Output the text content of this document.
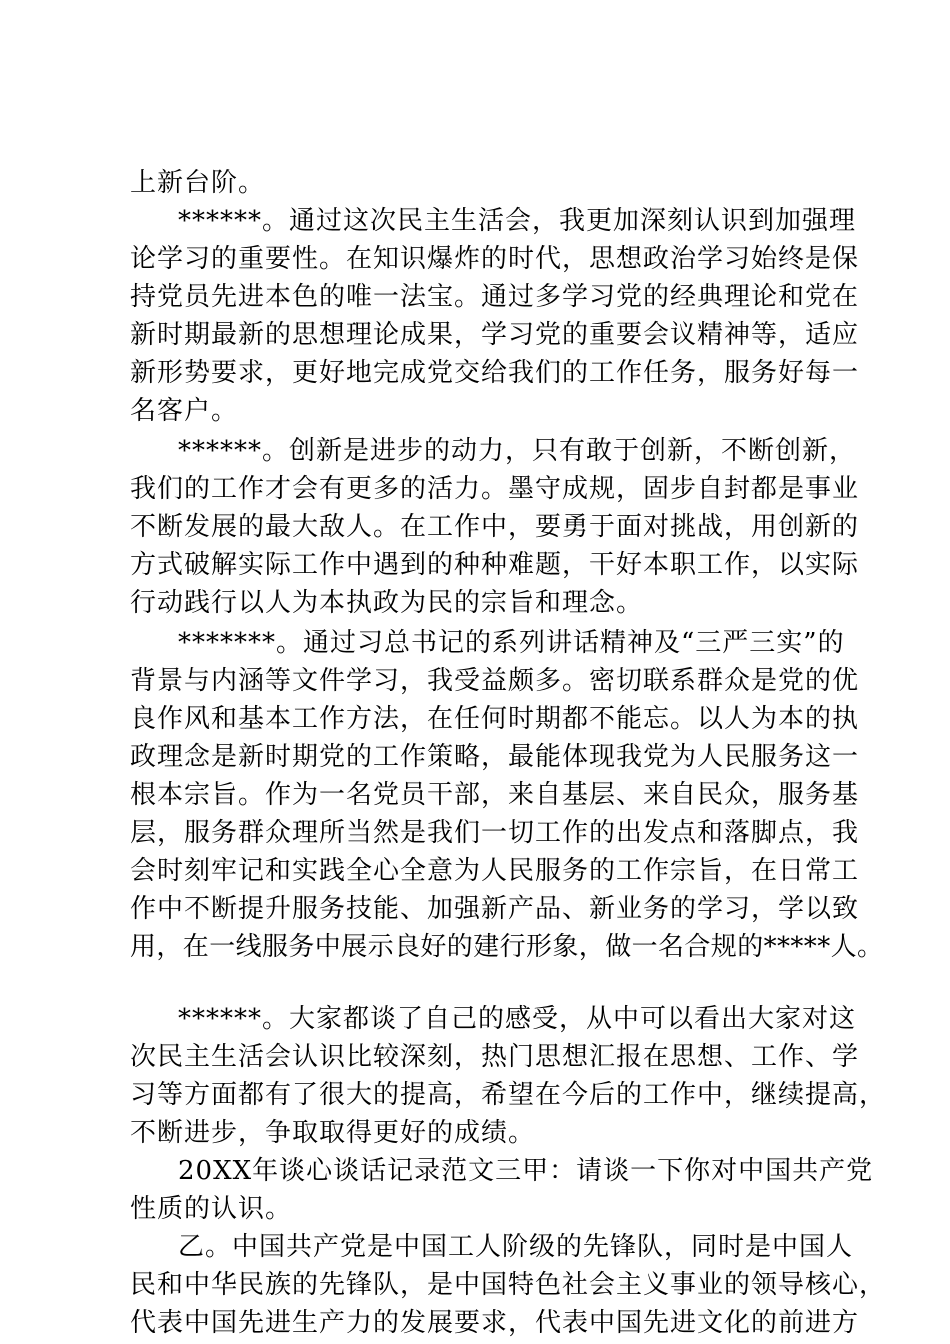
上新台阶。
******。通过这次民主生活会，我更加深刻认识到加强理
论学习的重要性。在知识爆炸的时代，思想政治学习始终是保
持党员先进本色的唯一法宝。通过多学习党的经典理论和党在
新时期最新的思想理论成果，学习党的重要会议精神等，适应
新形势要求，更好地完成党交给我们的工作任务，服务好每一
名客户。
******。创新是进步的动力，只有敢于创新，不断创新，
我们的工作才会有更多的活力。墨守成规，固步自封都是事业
不断发展的最大敌人。在工作中，要勇于面对挑战，用创新的
方式破解实际工作中遇到的种种难题，干好本职工作，以实际
行动践行以人为本执政为民的宗旨和理念。
*******。通过习总书记的系列讲话精神及“三严三实”的
背景与内涵等文件学习，我受益颇多。密切联系群众是党的优
良作风和基本工作方法，在任何时期都不能忘。以人为本的执
政理念是新时期党的工作策略，最能体现我党为人民服务这一
根本宗旨。作为一名党员干部，来自基层、来自民众，服务基
层，服务群众理所当然是我们一切工作的出发点和落脚点，我
会时刻牢记和实践全心全意为人民服务的工作宗旨，在日常工
作中不断提升服务技能、加强新产品、新业务的学习，学以致
用，在一线服务中展示良好的建行形象，做一名合规的*****人。
******。大家都谈了自己的感受，从中可以看出大家对这
次民主生活会认识比较深刻，热门思想汇报在思想、工作、学
习等方面都有了很大的提高，希望在今后的工作中，继续提高，
不断进步，争取取得更好的成绩。
20XX年谈心谈话记录范文三甲：请谈一下你对中国共产党
性质的认识。
乙。中国共产党是中国工人阶级的先锋队，同时是中国人
民和中华民族的先锋队，是中国特色社会主义事业的领导核心，
代表中国先进生产力的发展要求，代表中国先进文化的前进方
